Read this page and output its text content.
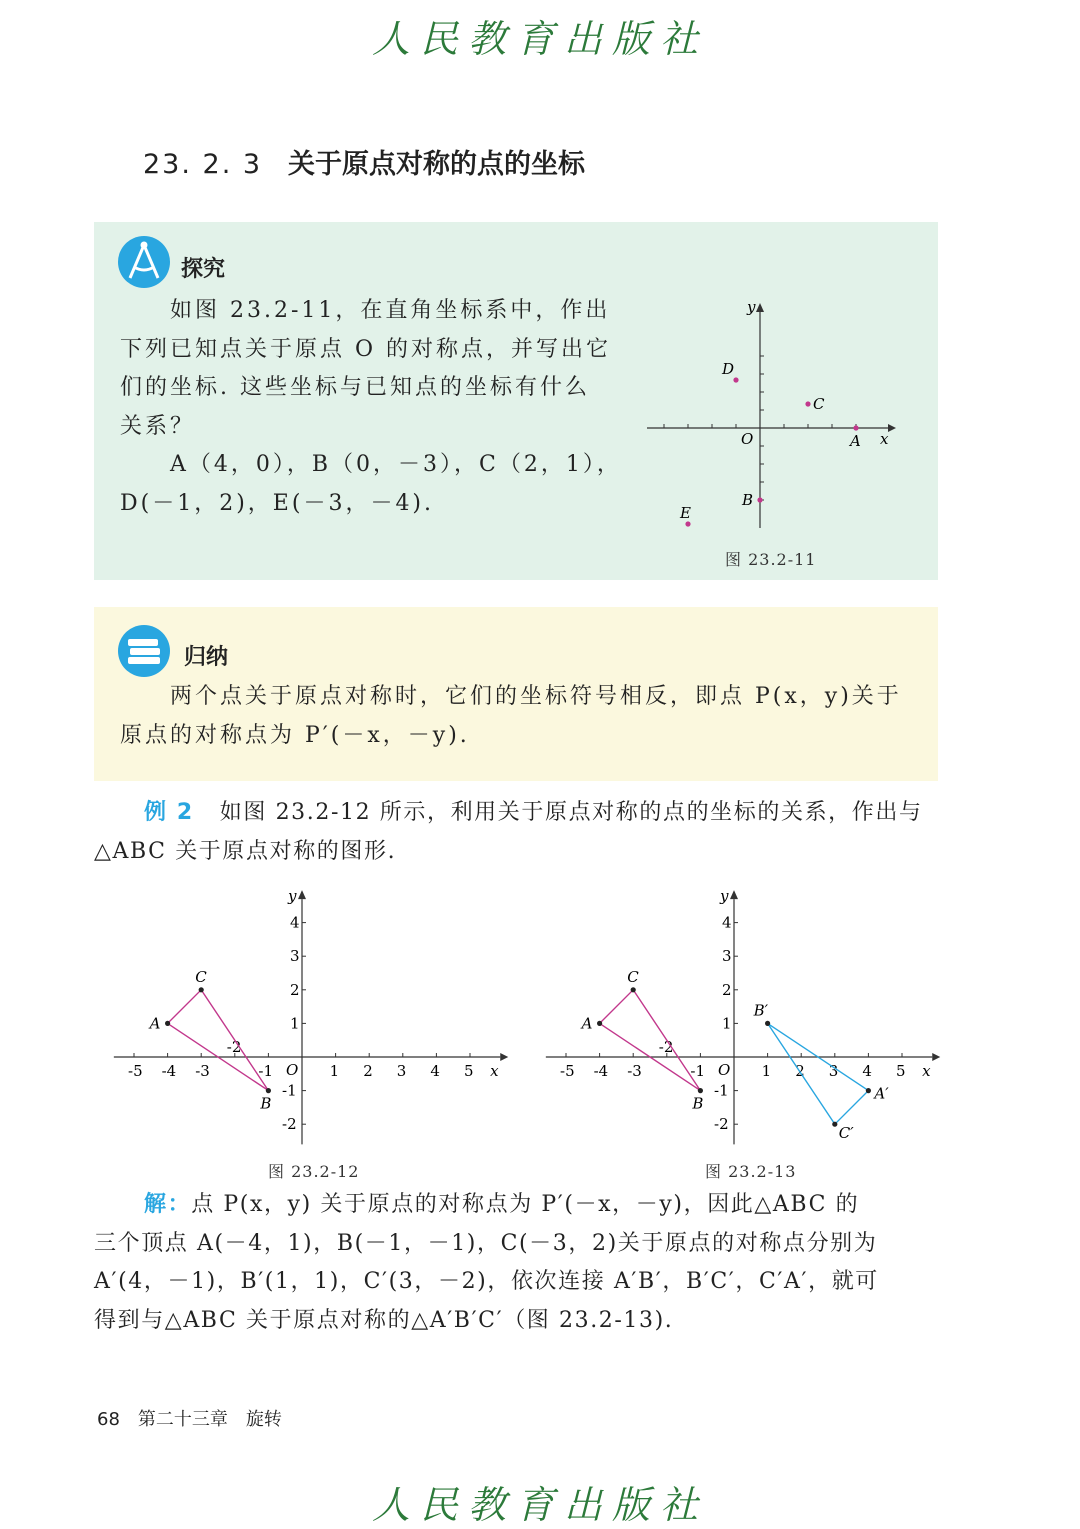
人民教育出版社
人民教育出版社
23. 2. 3 关于原点对称的点的坐标
探究
如图 23.2-11，在直角坐标系中，作出
下列已知点关于原点 O 的对称点，并写出它
们的坐标. 这些坐标与已知点的坐标有什么
关系？
A（4，0），B（0，－3），C（2，1），
D(－1，2)，E(－3，－4).
x
y
O
D
C
A
B
E
图 23.2-11
归纳
两个点关于原点对称时，它们的坐标符号相反，即点 P(x，y)关于
原点的对称点为 P′(－x，－y).
例 2 如图 23.2-12 所示，利用关于原点对称的点的坐标的关系，作出与
△ABC 关于原点对称的图形.
-5 -4 -3
-2
-1 O 1 2 3 4 5
-2
-1
1
2
3
4
x
y
A
B
C
图 23.2-12
-5 -4 -3
-2
-1 O 1 2 3 4 5
-2
-1
1
2
3
4
x
y
A
B
C
A′
B′
C′
图 23.2-13
解：点 P(x，y) 关于原点的对称点为 P′(－x，－y)，因此△ABC 的
三个顶点 A(－4，1)，B(－1，－1)，C(－3，2)关于原点的对称点分别为
A′(4，－1)，B′(1，1)，C′(3，－2)，依次连接 A′B′，B′C′，C′A′，就可
得到与△ABC 关于原点对称的△A′B′C′（图 23.2-13).
68 第二十三章 旋转
